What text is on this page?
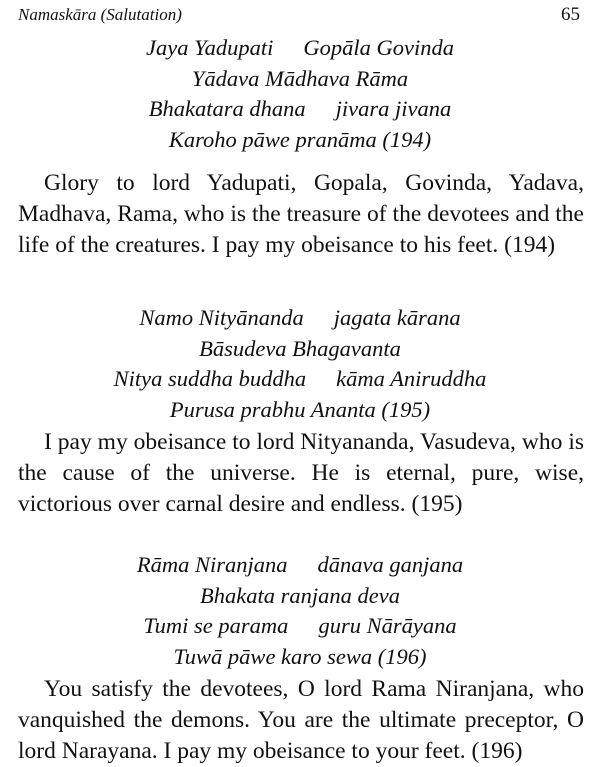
Namaskāra (Salutation)	65
Jaya Yadupati Gopāla Govinda
Yādava Mādhava Rāma
Bhakatara dhana jivara jivana
Karoho pāwe pranāma (194)

Glory to lord Yadupati, Gopala, Govinda, Yadava, Madhava, Rama, who is the treasure of the devotees and the life of the creatures. I pay my obeisance to his feet. (194)

Namo Nityānanda jagata kārana
Bāsudeva Bhagavanta
Nitya suddha buddha kāma Aniruddha
Purusa prabhu Ananta (195)

I pay my obeisance to lord Nityananda, Vasudeva, who is the cause of the universe. He is eternal, pure, wise, victorious over carnal desire and endless. (195)

Rāma Niranjana dānava ganjana
Bhakata ranjana deva
Tumi se parama guru Nārāyana
Tuwā pāwe karo sewa (196)

You satisfy the devotees, O lord Rama Niranjana, who vanquished the demons. You are the ultimate preceptor, O lord Narayana. I pay my obeisance to your feet. (196)
